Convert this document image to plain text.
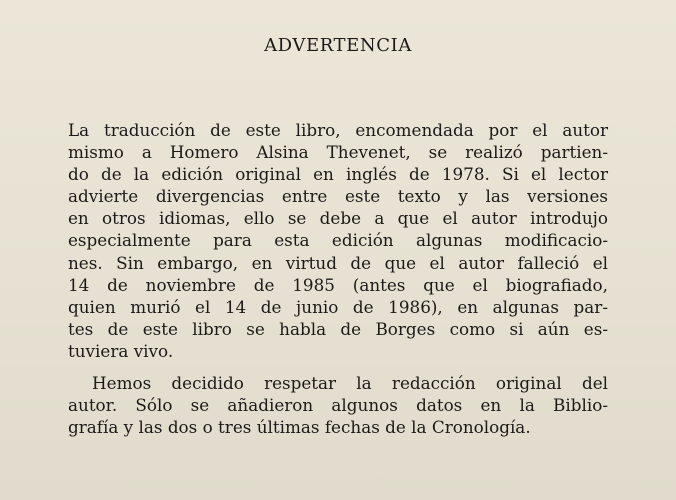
ADVERTENCIA
La traducción de este libro, encomendada por el autor
mismo a Homero Alsina Thevenet, se realizó partien-
do de la edición original en inglés de 1978. Si el lector
advierte divergencias entre este texto y las versiones
en otros idiomas, ello se debe a que el autor introdujo
especialmente para esta edición algunas modificacio-
nes. Sin embargo, en virtud de que el autor falleció el
14 de noviembre de 1985 (antes que el biografiado,
quien murió el 14 de junio de 1986), en algunas par-
tes de este libro se habla de Borges como si aún es-
tuviera vivo.
Hemos decidido respetar la redacción original del
autor. Sólo se añadieron algunos datos en la Biblio-
grafía y las dos o tres últimas fechas de la Cronología.
